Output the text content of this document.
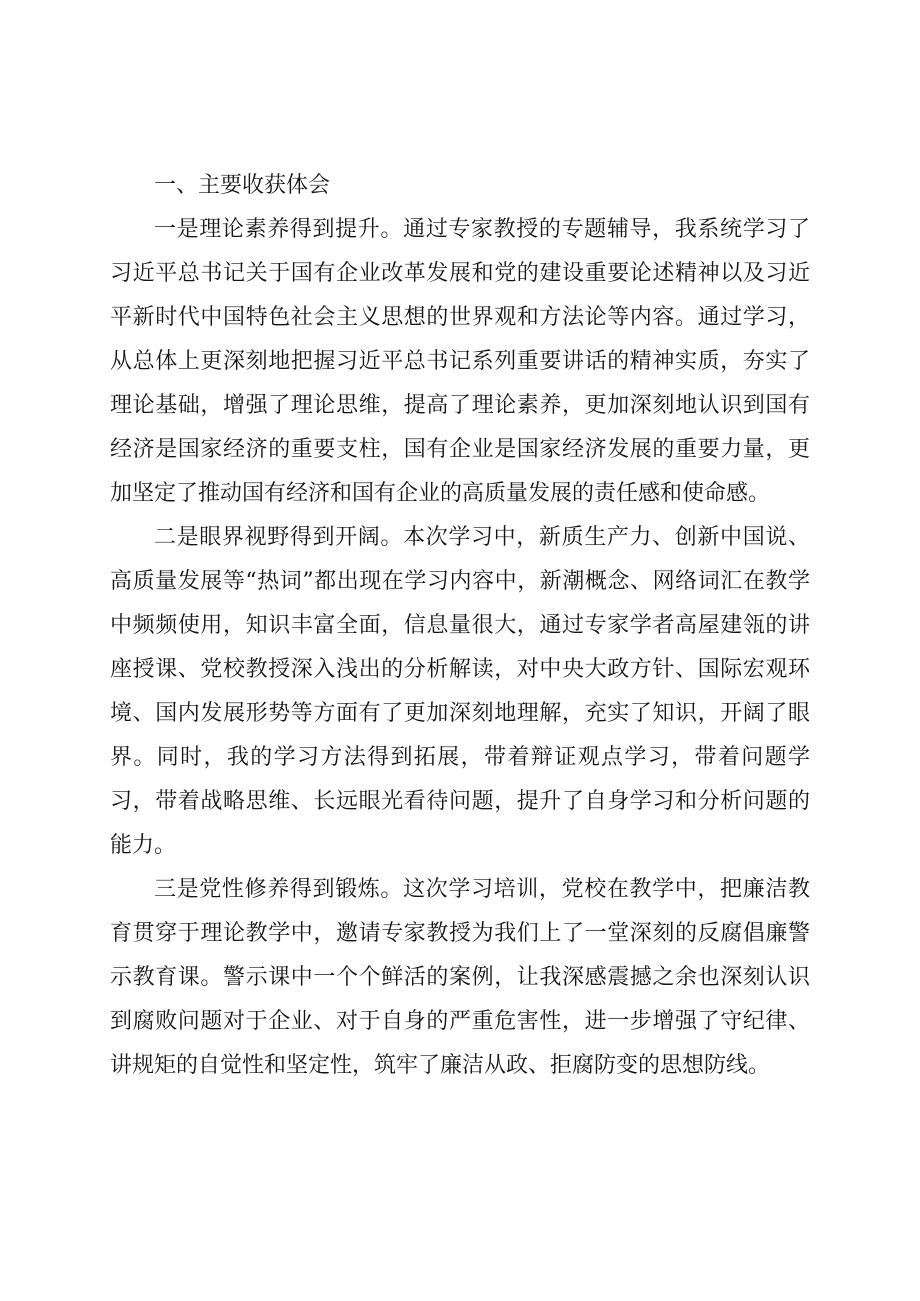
一、主要收获体会

一是理论素养得到提升。通过专家教授的专题辅导，我系统学习了习近平总书记关于国有企业改革发展和党的建设重要论述精神以及习近平新时代中国特色社会主义思想的世界观和方法论等内容。通过学习，从总体上更深刻地把握习近平总书记系列重要讲话的精神实质，夯实了理论基础，增强了理论思维，提高了理论素养，更加深刻地认识到国有经济是国家经济的重要支柱，国有企业是国家经济发展的重要力量，更加坚定了推动国有经济和国有企业的高质量发展的责任感和使命感。

二是眼界视野得到开阔。本次学习中，新质生产力、创新中国说、高质量发展等“热词”都出现在学习内容中，新潮概念、网络词汇在教学中频频使用，知识丰富全面，信息量很大，通过专家学者高屋建瓴的讲座授课、党校教授深入浅出的分析解读，对中央大政方针、国际宏观环境、国内发展形势等方面有了更加深刻地理解，充实了知识，开阔了眼界。同时，我的学习方法得到拓展，带着辩证观点学习，带着问题学习，带着战略思维、长远眼光看待问题，提升了自身学习和分析问题的能力。

三是党性修养得到锻炼。这次学习培训，党校在教学中，把廉洁教育贯穿于理论教学中，邀请专家教授为我们上了一堂深刻的反腐倡廉警示教育课。警示课中一个个鲜活的案例，让我深感震撼之余也深刻认识到腐败问题对于企业、对于自身的严重危害性，进一步增强了守纪律、讲规矩的自觉性和坚定性，筑牢了廉洁从政、拒腐防变的思想防线。
